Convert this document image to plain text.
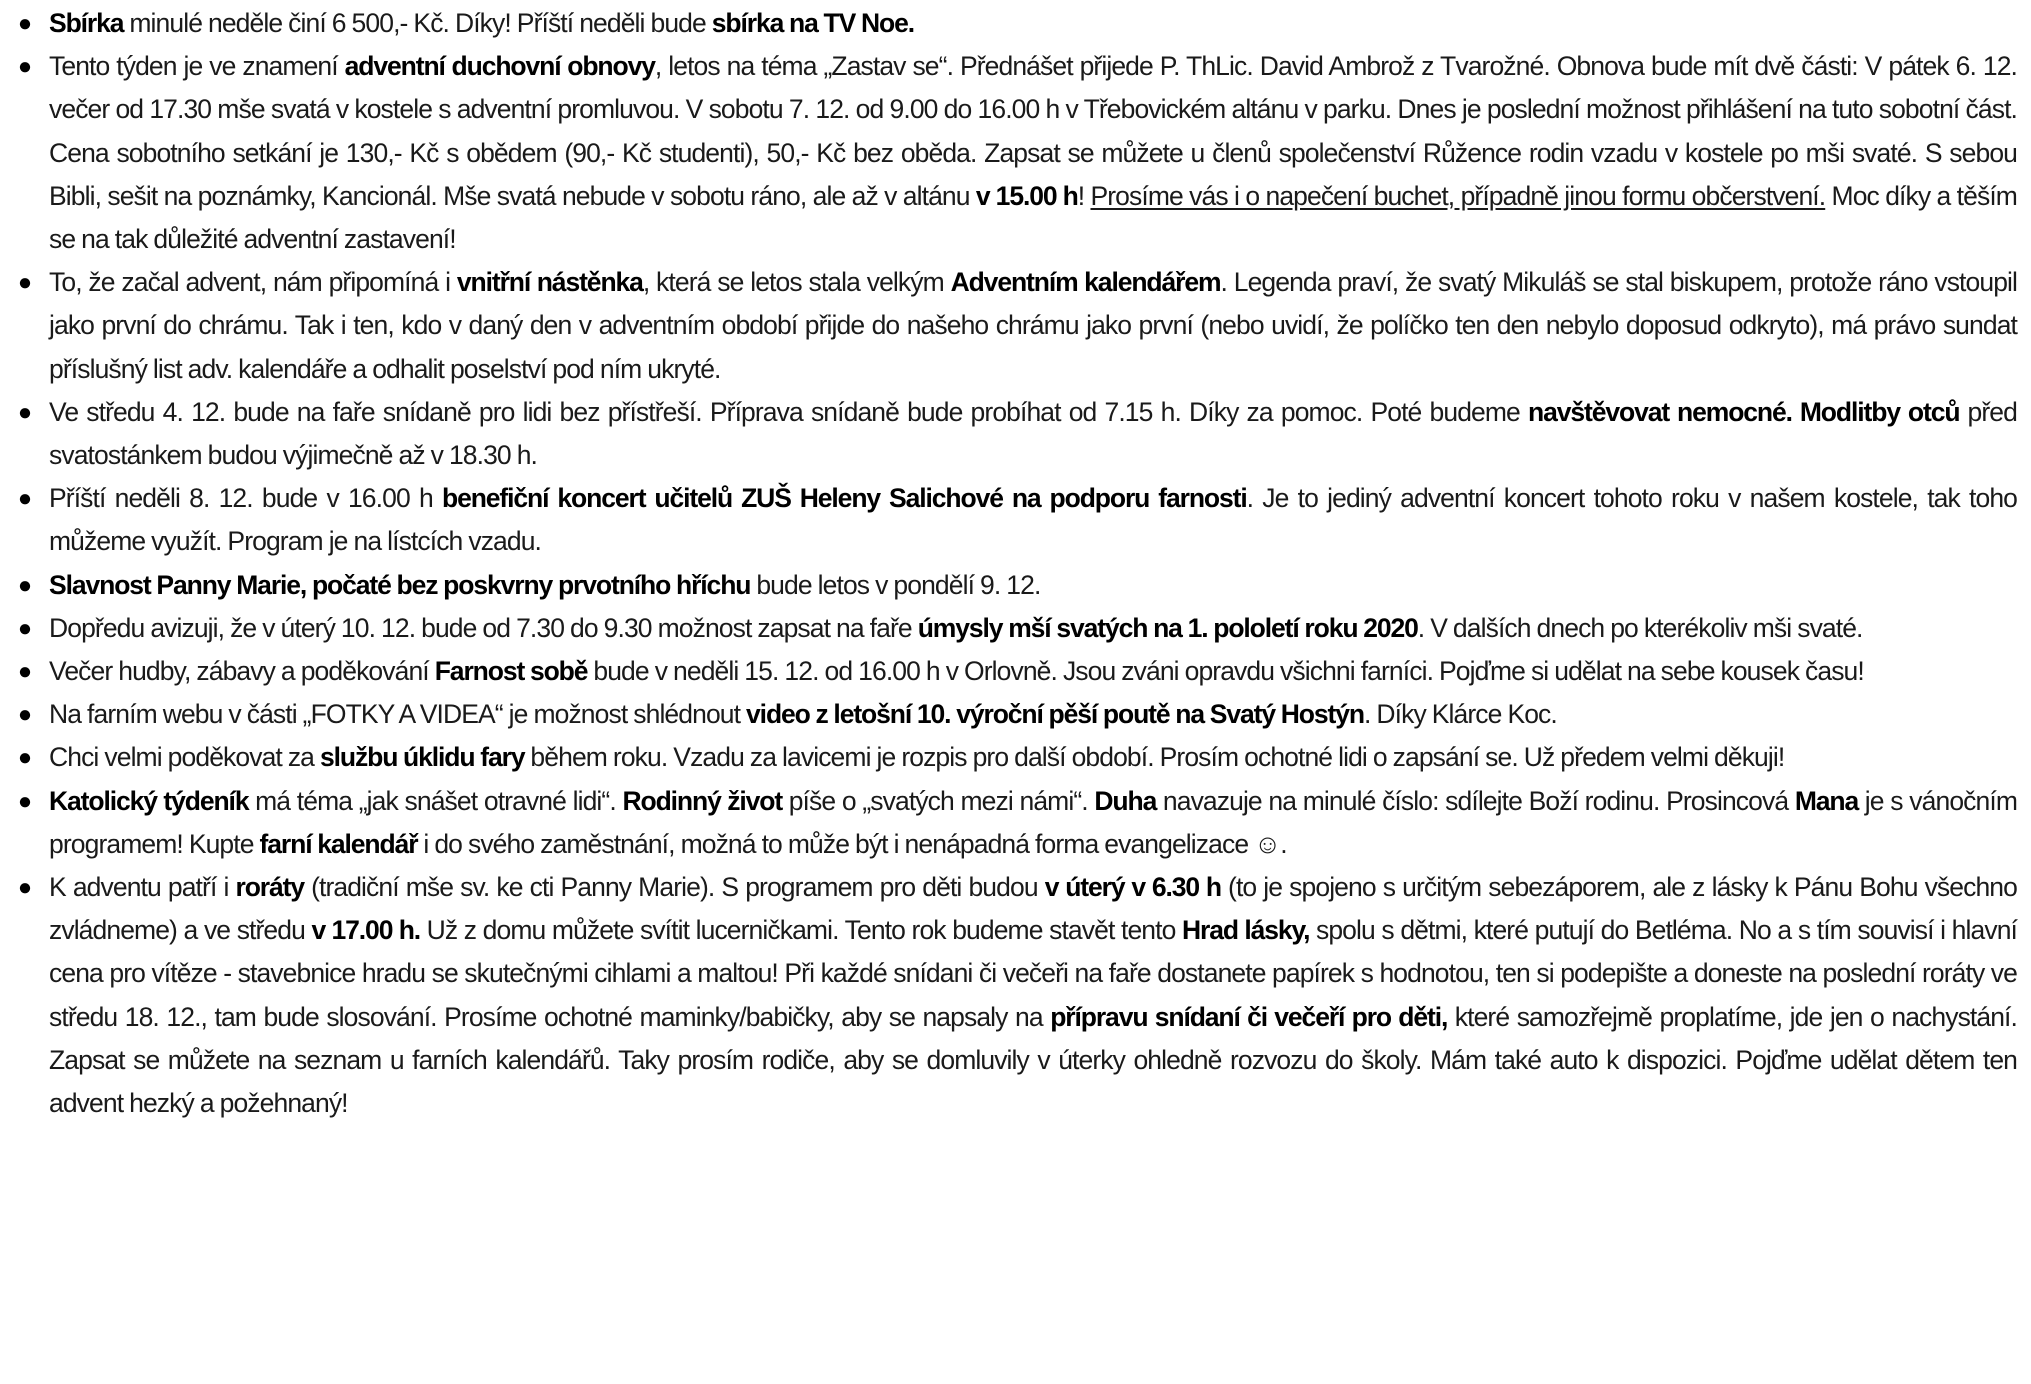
● Sbírka minulé neděle činí 6 500,- Kč. Díky! Příští neděli bude sbírka na TV Noe.
● Tento týden je ve znamení adventní duchovní obnovy, letos na téma „Zastav se“. Přednášet přijede P. ThLic. David Ambrož z Tvarožné. Obnova bude mít dvě části: V pátek 6. 12. večer od 17.30 mše svatá v kostele s adventní promluvou. V sobotu 7. 12. od 9.00 do 16.00 h v Třebovickém altánu v parku. Dnes je poslední možnost přihlášení na tuto sobotní část. Cena sobotního setkání je 130,- Kč s obědem (90,- Kč studenti), 50,- Kč bez oběda. Zapsat se můžete u členů společenství Růžence rodin vzadu v kostele po mši svaté. S sebou Bibli, sešit na poznámky, Kancionál. Mše svatá nebude v sobotu ráno, ale až v altánu v 15.00 h! Prosíme vás i o napečení buchet, případně jinou formu občerstvení. Moc díky a těším se na tak důležité adventní zastavení!
● To, že začal advent, nám připomíná i vnitřní nástěnka, která se letos stala velkým Adventním kalendářem. Legenda praví, že svatý Mikuláš se stal biskupem, protože ráno vstoupil jako první do chrámu. Tak i ten, kdo v daný den v adventním období přijde do našeho chrámu jako první (nebo uvidí, že políčko ten den nebylo doposud odkryto), má právo sundat příslušný list adv. kalendáře a odhalit poselství pod ním ukryté.
● Ve středu 4. 12. bude na faře snídaně pro lidi bez přístřeší. Příprava snídaně bude probíhat od 7.15 h. Díky za pomoc. Poté budeme navštěvovat nemocné. Modlitby otců před svatostánkem budou výjimečně až v 18.30 h.
● Příští neděli 8. 12. bude v 16.00 h benefiční koncert učitelů ZUŠ Heleny Salichové na podporu farnosti. Je to jediný adventní koncert tohoto roku v našem kostele, tak toho můžeme využít. Program je na lístcích vzadu.
● Slavnost Panny Marie, počaté bez poskvrny prvotního hříchu bude letos v pondělí 9. 12.
● Dopředu avizuji, že v úterý 10. 12. bude od 7.30 do 9.30 možnost zapsat na faře úmysly mší svatých na 1. pololetí roku 2020. V dalších dnech po kterékoliv mši svaté.
● Večer hudby, zábavy a poděkování Farnost sobě bude v neděli 15. 12. od 16.00 h v Orlovně. Jsou zváni opravdu všichni farníci. Pojďme si udělat na sebe kousek času!
● Na farním webu v části „FOTKY A VIDEA“ je možnost shlédnout video z letošní 10. výroční pěší poutě na Svatý Hostýn. Díky Klárce Koc.
● Chci velmi poděkovat za službu úklidu fary během roku. Vzadu za lavicemi je rozpis pro další období. Prosím ochotné lidi o zapsání se. Už předem velmi děkuji!
● Katolický týdeník má téma „jak snášet otravné lidi“. Rodinný život píše o „svatých mezi námi“. Duha navazuje na minulé číslo: sdílejte Boží rodinu. Prosincová Mana je s vánočním programem! Kupte farní kalendář i do svého zaměstnání, možná to může být i nenápadná forma evangelizace ☺.
● K adventu patří i roráty (tradiční mše sv. ke cti Panny Marie). S programem pro děti budou v úterý v 6.30 h (to je spojeno s určitým sebezáporem, ale z lásky k Pánu Bohu všechno zvládneme) a ve středu v 17.00 h. Už z domu můžete svítit lucerničkami. Tento rok budeme stavět tento Hrad lásky, spolu s dětmi, které putují do Betléma. No a s tím souvisí i hlavní cena pro vítěze - stavebnice hradu se skutečnými cihlami a maltou! Při každé snídani či večeři na faře dostanete papírek s hodnotou, ten si podepište a doneste na poslední roráty ve středu 18. 12., tam bude slosování. Prosíme ochotné maminky/babičky, aby se napsaly na přípravu snídaní či večeří pro děti, které samozřejmě proplatíme, jde jen o nachystání. Zapsat se můžete na seznam u farních kalendářů. Taky prosím rodiče, aby se domluvily v úterky ohledně rozvozu do školy. Mám také auto k dispozici. Pojďme udělat dětem ten advent hezký a požehnaný!
